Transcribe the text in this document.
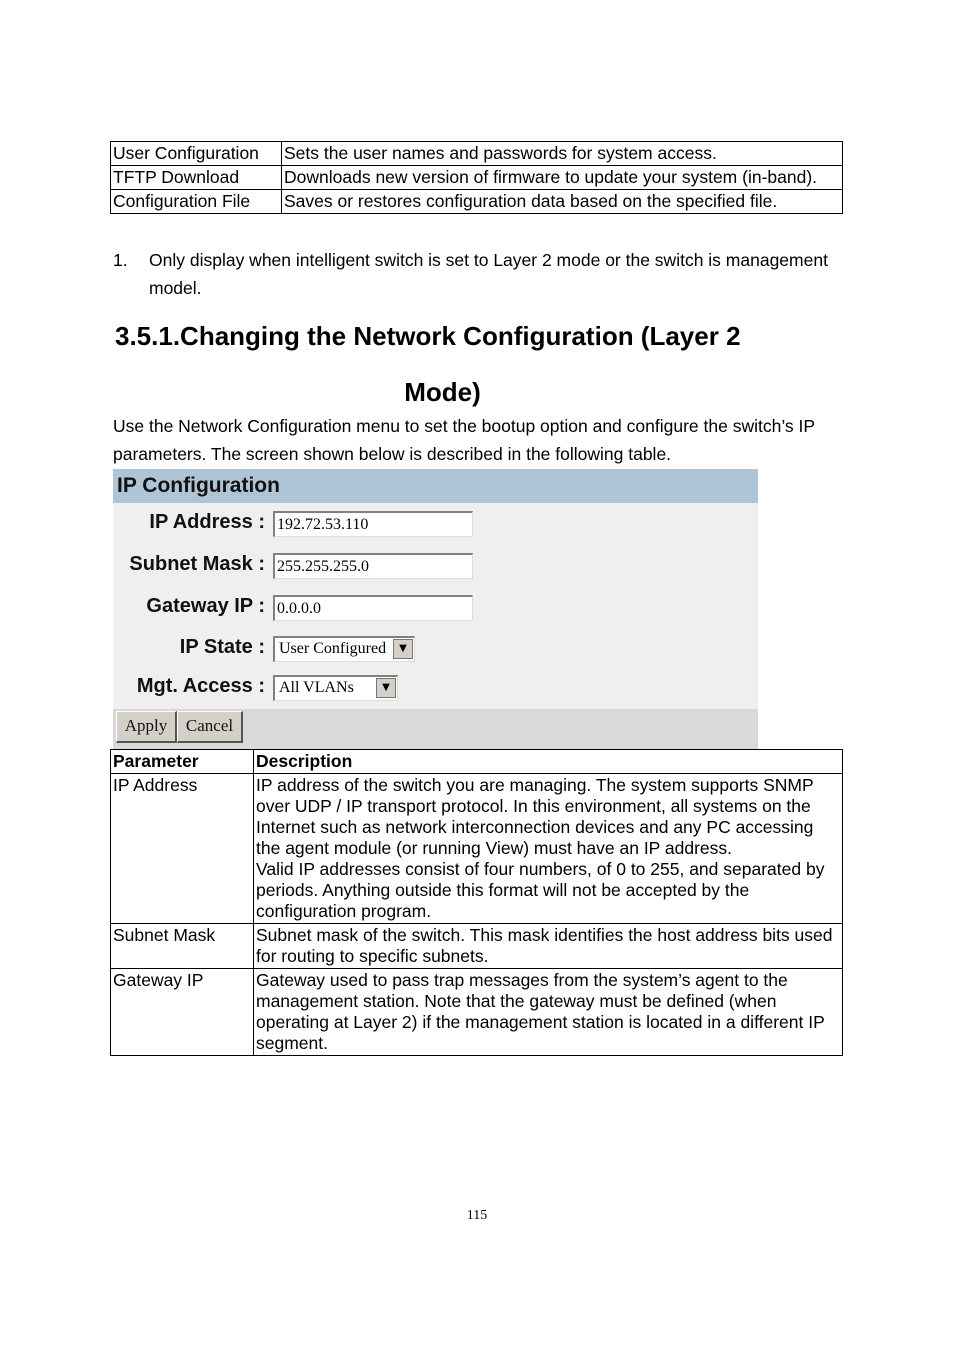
User Configuration	Sets the user names and passwords for system access.
TFTP Download	Downloads new version of firmware to update your system (in-band).
Configuration File	Saves or restores configuration data based on the specified file.
1. Only display when intelligent switch is set to Layer 2 mode or the switch is management model.
3.5.1.Changing the Network Configuration (Layer 2
Mode)
Use the Network Configuration menu to set the bootup option and configure the switch’s IP parameters. The screen shown below is described in the following table.
IP Configuration
IP Address :
192.72.53.110
Subnet Mask :
255.255.255.0
Gateway IP :
0.0.0.0
IP State : User Configured	▼
Mgt. Access : All VLANs	▼
Apply	Cancel
Parameter	Description
IP Address	IP address of the switch you are managing. The system supports SNMP over UDP / IP transport protocol. In this environment, all systems on the Internet such as network interconnection devices and any PC accessing the agent module (or running View) must have an IP address.
Valid IP addresses consist of four numbers, of 0 to 255, and separated by periods. Anything outside this format will not be accepted by the configuration program.

Subnet Mask	Subnet mask of the switch. This mask identifies the host address bits used for routing to specific subnets.
Gateway IP	Gateway used to pass trap messages from the system’s agent to the management station. Note that the gateway must be defined (when operating at Layer 2) if the management station is located in a different IP segment.
115
